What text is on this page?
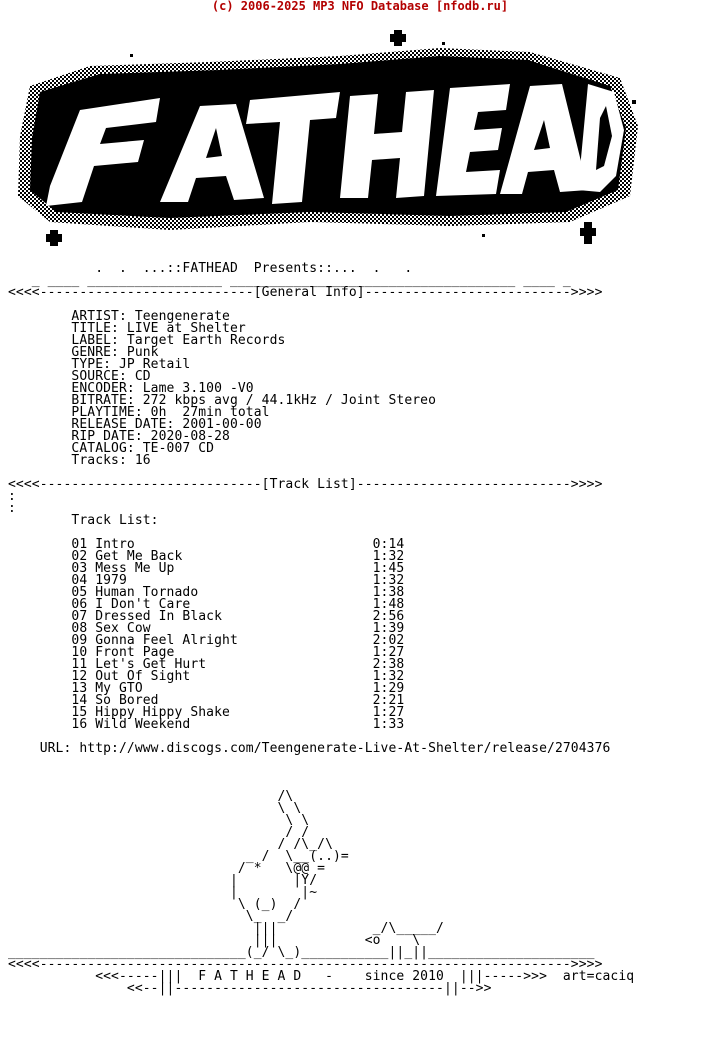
(c) 2006-2025 MP3 NFO Database [nfodb.ru]
.  .  ...::FATHEAD  Presents::...  .   .
_ ____ _________________ ____________________________________ ____ _
<<<<---------------------------[General Info]-------------------------->>>>

ARTIST: Teengenerate
TITLE: LIVE at Shelter
LABEL: Target Earth Records
GENRE: Punk
TYPE: JP Retail
SOURCE: CD
ENCODER: Lame 3.100 -V0
BITRATE: 272 kbps avg / 44.1kHz / Joint Stereo
PLAYTIME: 0h  27min total
RELEASE DATE: 2001-00-00
RIP DATE: 2020-08-28
CATALOG: TE-007 CD
Tracks: 16

<<<<----------------------------[Track List]--------------------------->>>>
:
:
Track List:

01 Intro                              0:14
02 Get Me Back                        1:32
03 Mess Me Up                         1:45
04 1979                               1:32
05 Human Tornado                      1:38
06 I Don't Care                       1:48
07 Dressed In Black                   2:56
08 Sex Cow                            1:39
09 Gonna Feel Alright                 2:02
10 Front Page                         1:27
11 Let's Get Hurt                     2:38
12 Out Of Sight                       1:32
13 My GTO                             1:29
14 So Bored                           2:21
15 Hippy Hippy Shake                  1:27
16 Wild Weekend                       1:33

URL: http://www.discogs.com/Teengenerate-Live-At-Shelter/release/2704376

/\
\ \
\ \
/ /
/ /\_/\
_ /  \__(..)=
/ *   \@@ =
|       |Y/
|        |~
\ (_)  /
\_  _/
|||            _/\_____/
|||           <o    \
______________________________(_/ \_)___________||_||_____________________
<<<<------------------------------------------------------------------->>>>
<<<-----|||  F A T H E A D   -    since 2010  |||----->>>  art=caciq
<<--||----------------------------------||-->>
